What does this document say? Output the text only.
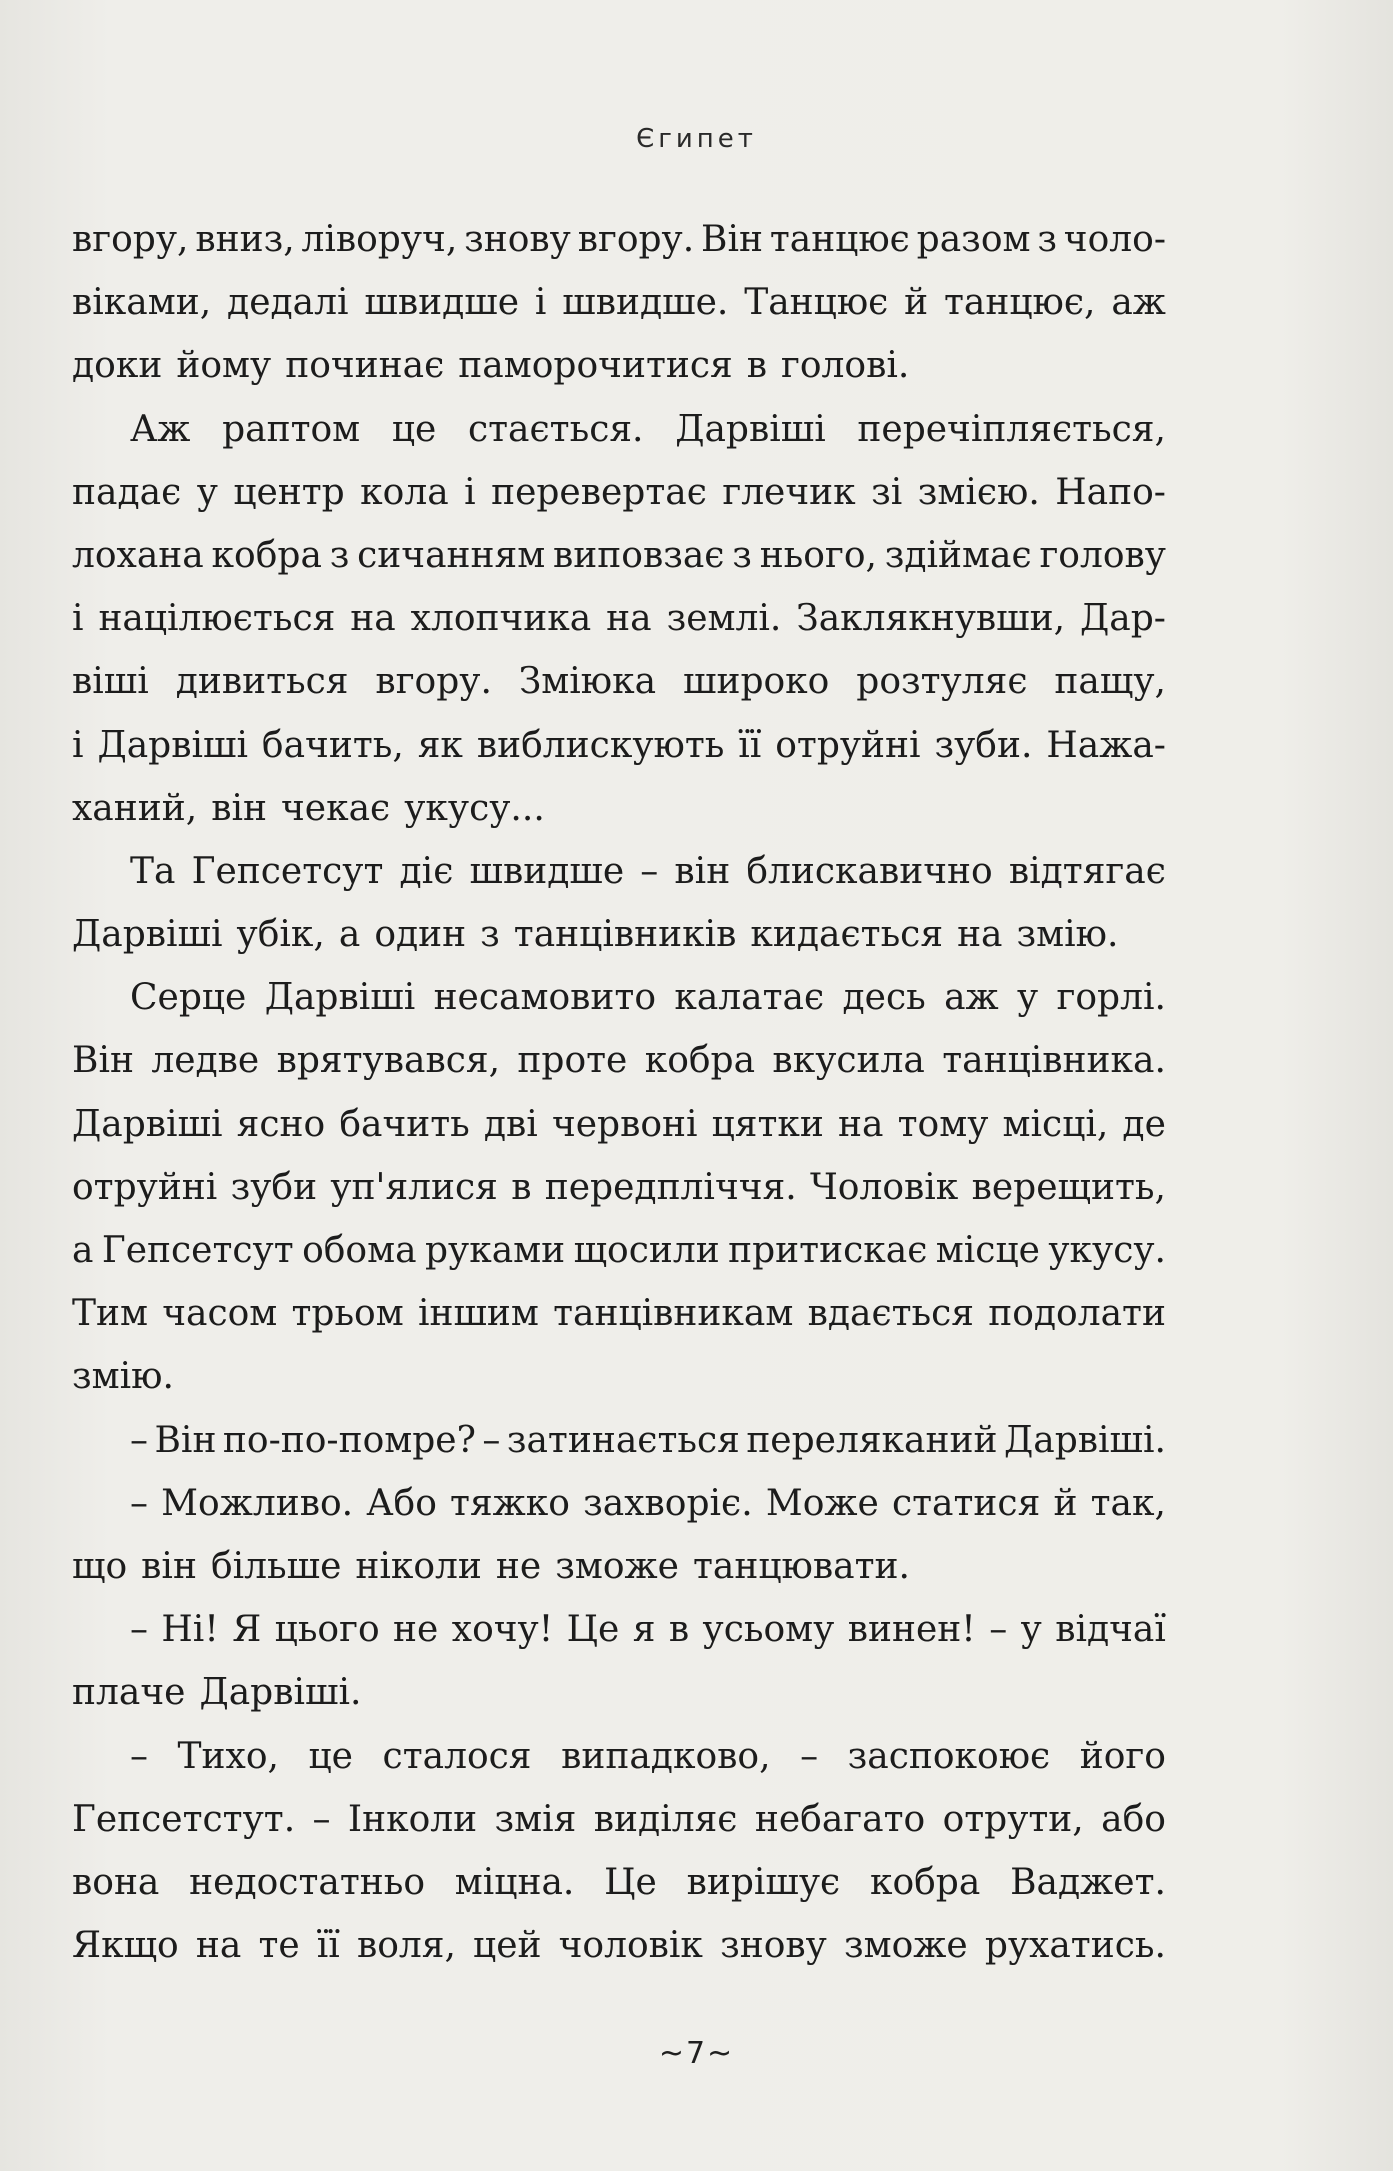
Єгипет
вгору, вниз, ліворуч, знову вгору. Він танцює разом з чоло-
віками, дедалі швидше і швидше. Танцює й танцює, аж
доки йому починає паморочитися в голові.
Аж раптом це стається. Дарвіші перечіпляється,
падає у центр кола і перевертає глечик зі змією. Напо-
лохана кобра з сичанням виповзає з нього, здіймає голову
і націлюється на хлопчика на землі. Заклякнувши, Дар-
віші дивиться вгору. Змiюка широко розтуляє пащу,
і Дарвіші бачить, як виблискують її отруйні зуби. Нажа-
ханий, він чекає укусу...
Та Гепсетсут діє швидше – він блискавично відтягає
Дарвіші убік, а один з танцівників кидається на змію.
Серце Дарвіші несамовито калатає десь аж у горлі.
Він ледве врятувався, проте кобра вкусила танцівника.
Дарвіші ясно бачить дві червоні цятки на тому місці, де
отруйні зуби уп'ялися в передпліччя. Чоловік верещить,
а Гепсетсут обома руками щосили притискає місце укусу.
Тим часом трьом іншим танцівникам вдається подолати
змію.
– Він по-по-помре? – затинається переляканий Дарвіші.
– Можливо. Або тяжко захворіє. Може статися й так,
що він більше ніколи не зможе танцювати.
– Ні! Я цього не хочу! Це я в усьому винен! – у відчаї
плаче Дарвіші.
– Тихо, це сталося випадково, – заспокоює його
Гепсетстут. – Інколи змія виділяє небагато отрути, або
вона недостатньо міцна. Це вирішує кобра Ваджет.
Якщо на те її воля, цей чоловік знову зможе рухатись.
~7~
